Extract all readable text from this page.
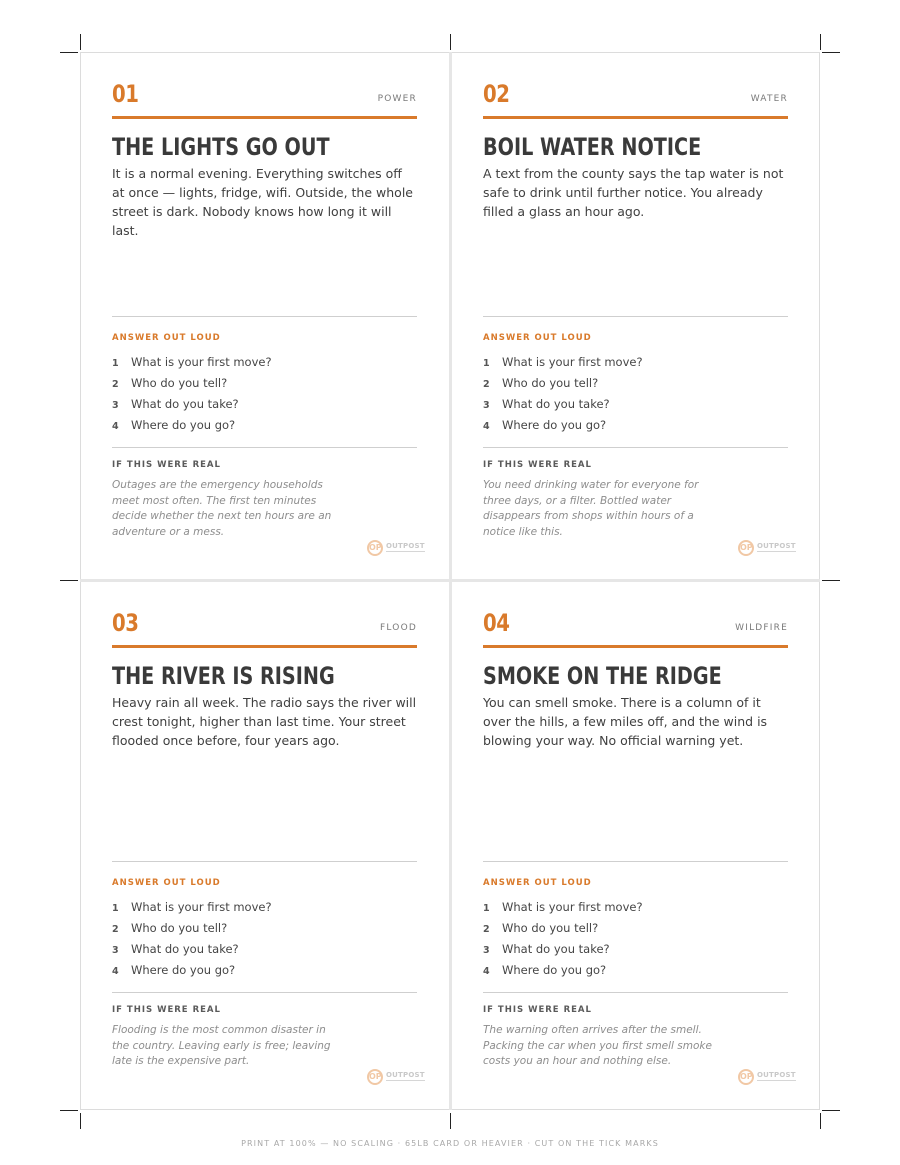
01	POWER
THE LIGHTS GO OUT
It is a normal evening. Everything switches off at once — lights, fridge, wifi. Outside, the whole street is dark. Nobody knows how long it will last.
ANSWER OUT LOUD
1 What is your first move?
2 Who do you tell?
3 What do you take?
4 Where do you go?
IF THIS WERE REAL
Outages are the emergency households meet most often. The first ten minutes decide whether the next ten hours are an adventure or a mess.
OP OUTPOST
02	WATER
BOIL WATER NOTICE
A text from the county says the tap water is not safe to drink until further notice. You already filled a glass an hour ago.
ANSWER OUT LOUD
1 What is your first move?
2 Who do you tell?
3 What do you take?
4 Where do you go?
IF THIS WERE REAL
You need drinking water for everyone for three days, or a filter. Bottled water disappears from shops within hours of a notice like this.
OP OUTPOST
03	FLOOD
THE RIVER IS RISING
Heavy rain all week. The radio says the river will crest tonight, higher than last time. Your street flooded once before, four years ago.
ANSWER OUT LOUD
1 What is your first move?
2 Who do you tell?
3 What do you take?
4 Where do you go?
IF THIS WERE REAL
Flooding is the most common disaster in the country. Leaving early is free; leaving late is the expensive part.
OP OUTPOST
04	WILDFIRE
SMOKE ON THE RIDGE
You can smell smoke. There is a column of it over the hills, a few miles off, and the wind is blowing your way. No official warning yet.
ANSWER OUT LOUD
1 What is your first move?
2 Who do you tell?
3 What do you take?
4 Where do you go?
IF THIS WERE REAL
The warning often arrives after the smell. Packing the car when you first smell smoke costs you an hour and nothing else.
OP OUTPOST
PRINT AT 100% — NO SCALING · 65LB CARD OR HEAVIER · CUT ON THE TICK MARKS
